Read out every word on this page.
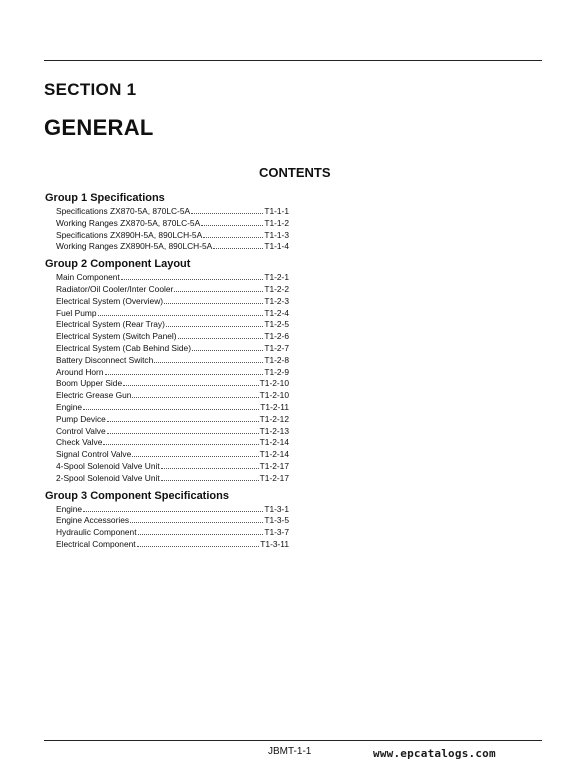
SECTION 1
GENERAL
CONTENTS
Group 1 Specifications
Specifications ZX870-5A, 870LC-5A	T1-1-1
Working Ranges ZX870-5A, 870LC-5A	T1-1-2
Specifications ZX890H-5A, 890LCH-5A	T1-1-3
Working Ranges ZX890H-5A, 890LCH-5A	T1-1-4
Group 2 Component Layout
Main Component	T1-2-1
Radiator/Oil Cooler/Inter Cooler	T1-2-2
Electrical System (Overview)	T1-2-3
Fuel Pump	T1-2-4
Electrical System (Rear Tray)	T1-2-5
Electrical System (Switch Panel)	T1-2-6
Electrical System (Cab Behind Side)	T1-2-7
Battery Disconnect Switch	T1-2-8
Around Horn	T1-2-9
Boom Upper Side	T1-2-10
Electric Grease Gun	T1-2-10
Engine	T1-2-11
Pump Device	T1-2-12
Control Valve	T1-2-13
Check Valve	T1-2-14
Signal Control Valve	T1-2-14
4-Spool Solenoid Valve Unit	T1-2-17
2-Spool Solenoid Valve Unit	T1-2-17
Group 3 Component Specifications
Engine	T1-3-1
Engine Accessories	T1-3-5
Hydraulic Component	T1-3-7
Electrical Component	T1-3-11
JBMT-1-1	www.epcatalogs.com
